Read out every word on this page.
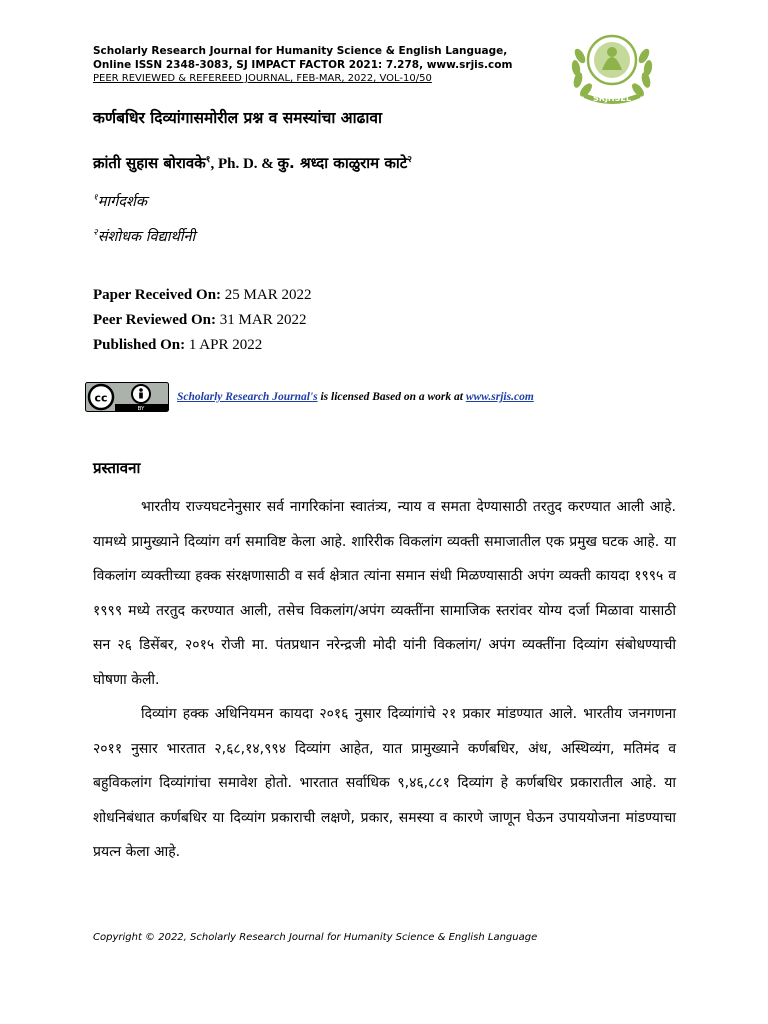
Scholarly Research Journal for Humanity Science & English Language,
Online ISSN 2348-3083, SJ IMPACT FACTOR 2021: 7.278, www.srjis.com
PEER REVIEWED & REFEREED JOURNAL, FEB-MAR, 2022, VOL-10/50
SRJHSEL
कर्णबधिर दिव्यांगासमोरील प्रश्न व समस्यांचा आढावा
क्रांती सुहास बोरावके$^१$, Ph. D. & कु. श्रध्दा काळुराम काटे$^२$
$^१$मार्गदर्शक
$^२$संशोधक विद्यार्थीनी
Paper Received On: 25 MAR 2022
Peer Reviewed On: 31 MAR 2022
Published On: 1 APR 2022
cc
BY
Scholarly Research Journal's is licensed Based on a work at www.srjis.com
प्रस्तावना

भारतीय राज्यघटनेनुसार सर्व नागरिकांना स्वातंत्र्य, न्याय व समता देण्यासाठी तरतुद करण्यात आली आहे. यामध्ये प्रामुख्याने दिव्यांग वर्ग समाविष्ट केला आहे. शारिरीक विकलांग व्यक्ती समाजातील एक प्रमुख घटक आहे. या विकलांग व्यक्तीच्या हक्क संरक्षणासाठी व सर्व क्षेत्रात त्यांना समान संधी मिळण्यासाठी अपंग व्यक्ती कायदा १९९५ व १९९९ मध्ये तरतुद करण्यात आली, तसेच विकलांग/अपंग व्यक्तींना सामाजिक स्तरांवर योग्य दर्जा मिळावा यासाठी सन २६ डिसेंबर, २०१५ रोजी मा. पंतप्रधान नरेन्द्रजी मोदी यांनी विकलांग/ अपंग व्यक्तींना दिव्यांग संबोधण्याची घोषणा केली.

दिव्यांग हक्क अधिनियमन कायदा २०१६ नुसार दिव्यांगांचे २१ प्रकार मांडण्यात आले. भारतीय जनगणना २०११ नुसार भारतात २,६८,१४,९९४ दिव्यांग आहेत, यात प्रामुख्याने कर्णबधिर, अंध, अस्थिव्यंग, मतिमंद व बहुविकलांग दिव्यांगांचा समावेश होतो. भारतात सर्वाधिक ९,४६,८८१ दिव्यांग हे कर्णबधिर प्रकारातील आहे. या शोधनिबंधात कर्णबधिर या दिव्यांग प्रकाराची लक्षणे, प्रकार, समस्या व कारणे जाणून घेऊन उपाययोजना मांडण्याचा प्रयत्न केला आहे.

Copyright © 2022, Scholarly Research Journal for Humanity Science & English Language
